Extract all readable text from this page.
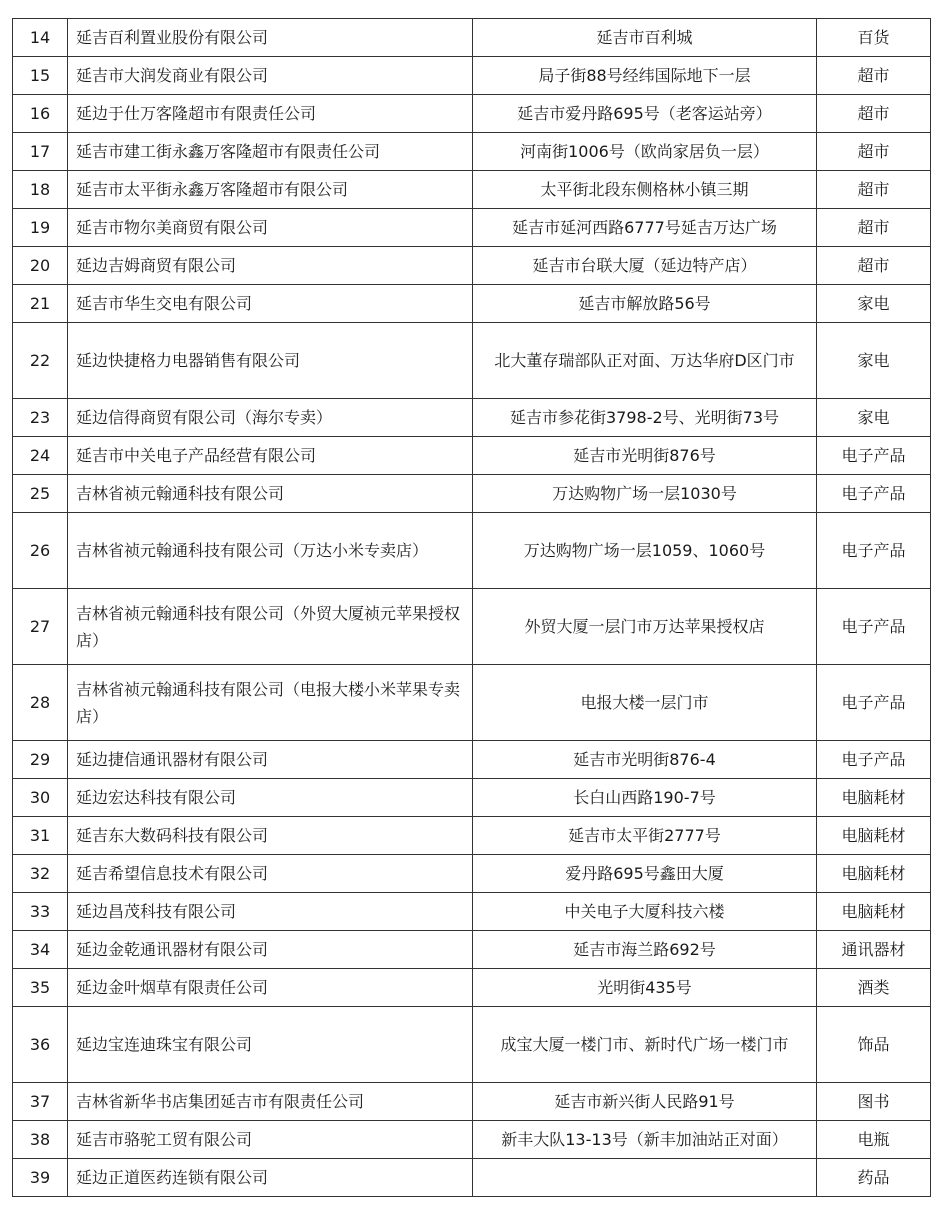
14	延吉百利置业股份有限公司	延吉市百利城	百货
15	延吉市大润发商业有限公司	局子街88号经纬国际地下一层	超市
16	延边于仕万客隆超市有限责任公司	延吉市爱丹路695号（老客运站旁）	超市
17	延吉市建工街永鑫万客隆超市有限责任公司	河南街1006号（欧尚家居负一层）	超市
18	延吉市太平街永鑫万客隆超市有限公司	太平街北段东侧格林小镇三期	超市
19	延吉市物尔美商贸有限公司	延吉市延河西路6777号延吉万达广场	超市
20	延边吉姆商贸有限公司	延吉市台联大厦（延边特产店）	超市
21	延吉市华生交电有限公司	延吉市解放路56号	家电
22	延边快捷格力电器销售有限公司	北大董存瑞部队正对面、万达华府D区门市	家电
23	延边信得商贸有限公司（海尔专卖）	延吉市参花街3798-2号、光明街73号	家电
24	延吉市中关电子产品经营有限公司	延吉市光明街876号	电子产品
25	吉林省祯元翰通科技有限公司	万达购物广场一层1030号	电子产品
26	吉林省祯元翰通科技有限公司（万达小米专卖店）	万达购物广场一层1059、1060号	电子产品
27	吉林省祯元翰通科技有限公司（外贸大厦祯元苹果授权店）	外贸大厦一层门市万达苹果授权店	电子产品
28	吉林省祯元翰通科技有限公司（电报大楼小米苹果专卖店）	电报大楼一层门市	电子产品
29	延边捷信通讯器材有限公司	延吉市光明街876-4	电子产品
30	延边宏达科技有限公司	长白山西路190-7号	电脑耗材
31	延吉东大数码科技有限公司	延吉市太平街2777号	电脑耗材
32	延吉希望信息技术有限公司	爱丹路695号鑫田大厦	电脑耗材
33	延边昌茂科技有限公司	中关电子大厦科技六楼	电脑耗材
34	延边金乾通讯器材有限公司	延吉市海兰路692号	通讯器材
35	延边金叶烟草有限责任公司	光明街435号	酒类
36	延边宝连迪珠宝有限公司	成宝大厦一楼门市、新时代广场一楼门市	饰品
37	吉林省新华书店集团延吉市有限责任公司	延吉市新兴街人民路91号	图书
38	延吉市骆驼工贸有限公司	新丰大队13-13号（新丰加油站正对面）	电瓶
39	延边正道医药连锁有限公司		药品
